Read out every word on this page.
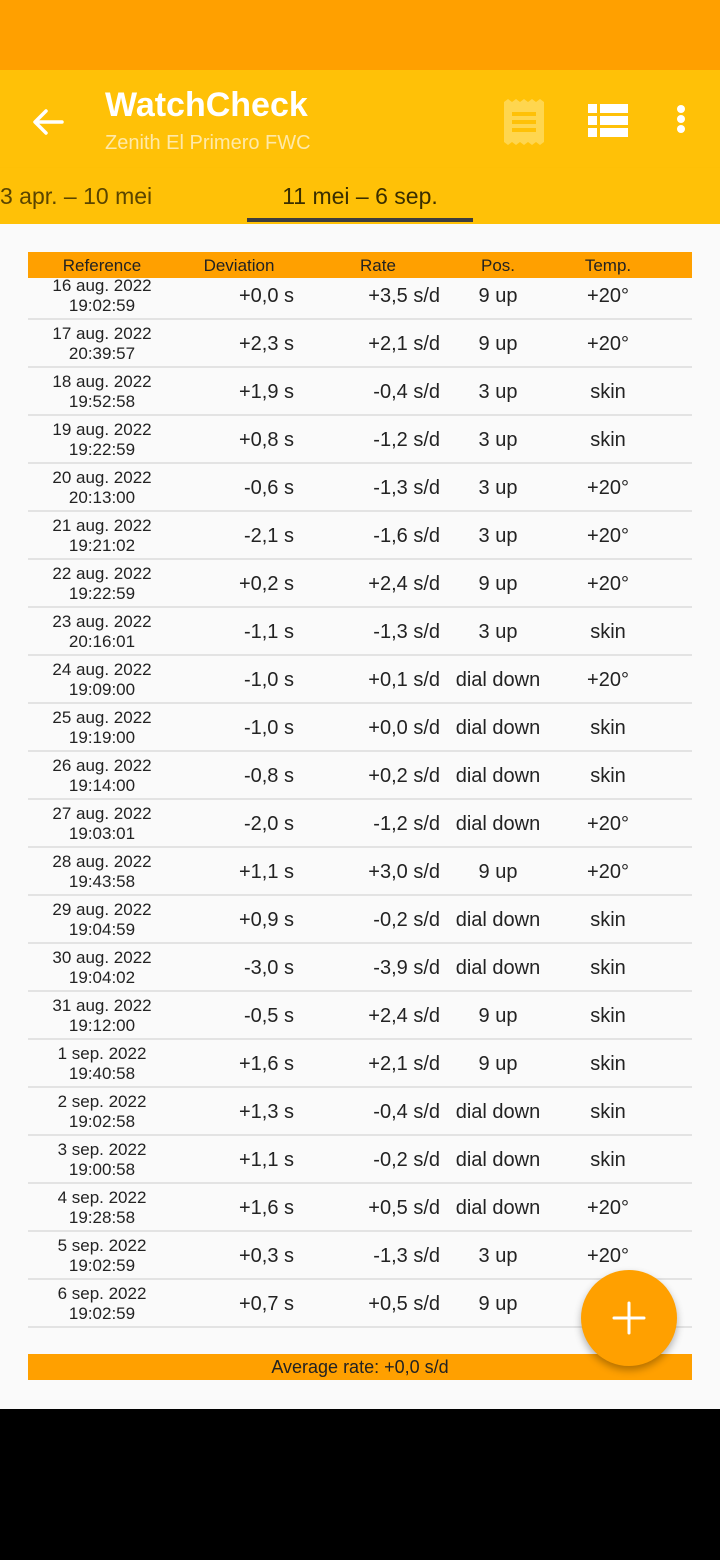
WatchCheck
Zenith El Primero FWC
3 apr. – 10 mei	11 mei – 6 sep.
Reference	Deviation	Rate	Pos.	Temp.
16 aug. 2022
19:02:59	+0,0 s	+3,5 s/d	9 up	+20°
17 aug. 2022
20:39:57	+2,3 s	+2,1 s/d	9 up	+20°
18 aug. 2022
19:52:58	+1,9 s	-0,4 s/d	3 up	skin
19 aug. 2022
19:22:59	+0,8 s	-1,2 s/d	3 up	skin
20 aug. 2022
20:13:00	-0,6 s	-1,3 s/d	3 up	+20°
21 aug. 2022
19:21:02	-2,1 s	-1,6 s/d	3 up	+20°
22 aug. 2022
19:22:59	+0,2 s	+2,4 s/d	9 up	+20°
23 aug. 2022
20:16:01	-1,1 s	-1,3 s/d	3 up	skin
24 aug. 2022
19:09:00	-1,0 s	+0,1 s/d dial down	+20°
25 aug. 2022
19:19:00	-1,0 s	+0,0 s/d dial down	skin
26 aug. 2022
19:14:00	-0,8 s	+0,2 s/d dial down	skin
27 aug. 2022
19:03:01	-2,0 s	-1,2 s/d dial down	+20°
28 aug. 2022
19:43:58	+1,1 s	+3,0 s/d	9 up	+20°
29 aug. 2022
19:04:59	+0,9 s	-0,2 s/d dial down	skin
30 aug. 2022
19:04:02	-3,0 s	-3,9 s/d dial down	skin
31 aug. 2022
19:12:00	-0,5 s	+2,4 s/d	9 up	skin
1 sep. 2022
19:40:58	+1,6 s	+2,1 s/d	9 up	skin
2 sep. 2022
19:02:58	+1,3 s	-0,4 s/d dial down	skin
3 sep. 2022
19:00:58	+1,1 s	-0,2 s/d dial down	skin
4 sep. 2022
19:28:58	+1,6 s	+0,5 s/d dial down	+20°
5 sep. 2022
19:02:59	+0,3 s	-1,3 s/d	3 up	+20°
6 sep. 2022
19:02:59	+0,7 s	+0,5 s/d	9 up
Average rate: +0,0 s/d
